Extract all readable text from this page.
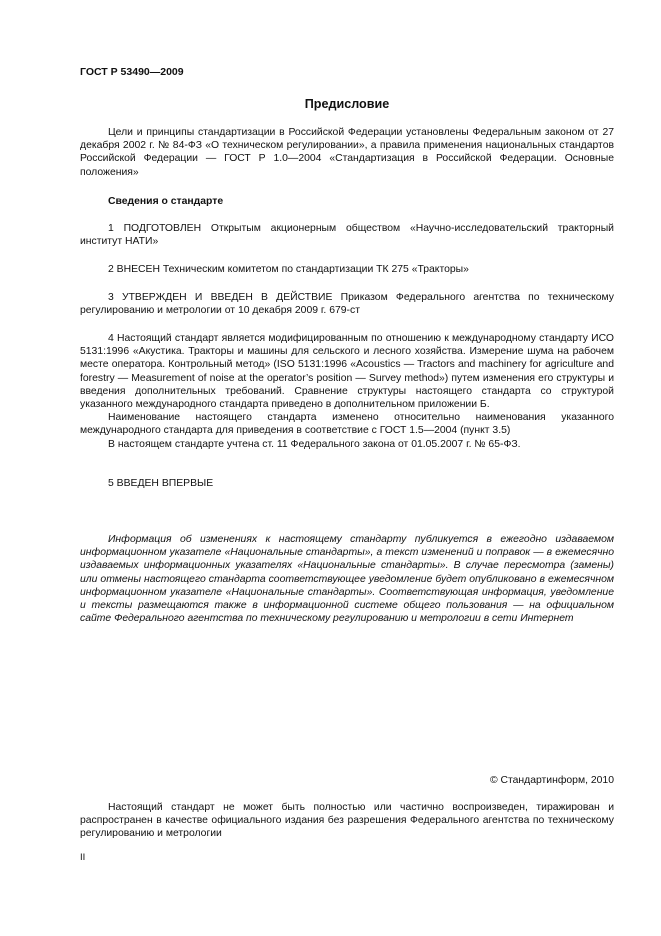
ГОСТ Р 53490—2009
Предисловие

Цели и принципы стандартизации в Российской Федерации установлены Федеральным законом от 27 декабря 2002 г. № 84-ФЗ «О техническом регулировании», а правила применения национальных стандартов Российской Федерации — ГОСТ Р 1.0—2004 «Стандартизация в Российской Федерации. Основные положения»

Сведения о стандарте

1 ПОДГОТОВЛЕН Открытым акционерным обществом «Научно-исследовательский тракторный институт НАТИ»

2 ВНЕСЕН Техническим комитетом по стандартизации ТК 275 «Тракторы»

3 УТВЕРЖДЕН И ВВЕДЕН В ДЕЙСТВИЕ Приказом Федерального агентства по техническому регулированию и метрологии от 10 декабря 2009 г. 679-ст

4 Настоящий стандарт является модифицированным по отношению к международному стандарту ИСО 5131:1996 «Акустика. Тракторы и машины для сельского и лесного хозяйства. Измерение шума на рабочем месте оператора. Контрольный метод» (ISO 5131:1996 «Acoustics — Tractors and machinery for agriculture and forestry — Measurement of noise at the operator’s position — Survey method») путем изменения его структуры и введения дополнительных требований. Сравнение структуры настоящего стандарта со структурой указанного международного стандарта приведено в дополнительном приложении Б.

Наименование настоящего стандарта изменено относительно наименования указанного международного стандарта для приведения в соответствие с ГОСТ 1.5—2004 (пункт 3.5)

В настоящем стандарте учтена ст. 11 Федерального закона от 01.05.2007 г. № 65-ФЗ.

5 ВВЕДЕН ВПЕРВЫЕ

Информация об изменениях к настоящему стандарту публикуется в ежегодно издаваемом информационном указателе «Национальные стандарты», а текст изменений и поправок — в ежемесячно издаваемых информационных указателях «Национальные стандарты». В случае пересмотра (замены) или отмены настоящего стандарта соответствующее уведомление будет опубликовано в ежемесячном информационном указателе «Национальные стандарты». Соответствующая информация, уведомление и тексты размещаются также в информационной системе общего пользования — на официальном сайте Федерального агентства по техническому регулированию и метрологии в сети Интернет

© Стандартинформ, 2010

Настоящий стандарт не может быть полностью или частично воспроизведен, тиражирован и распространен в качестве официального издания без разрешения Федерального агентства по техническому регулированию и метрологии

II
